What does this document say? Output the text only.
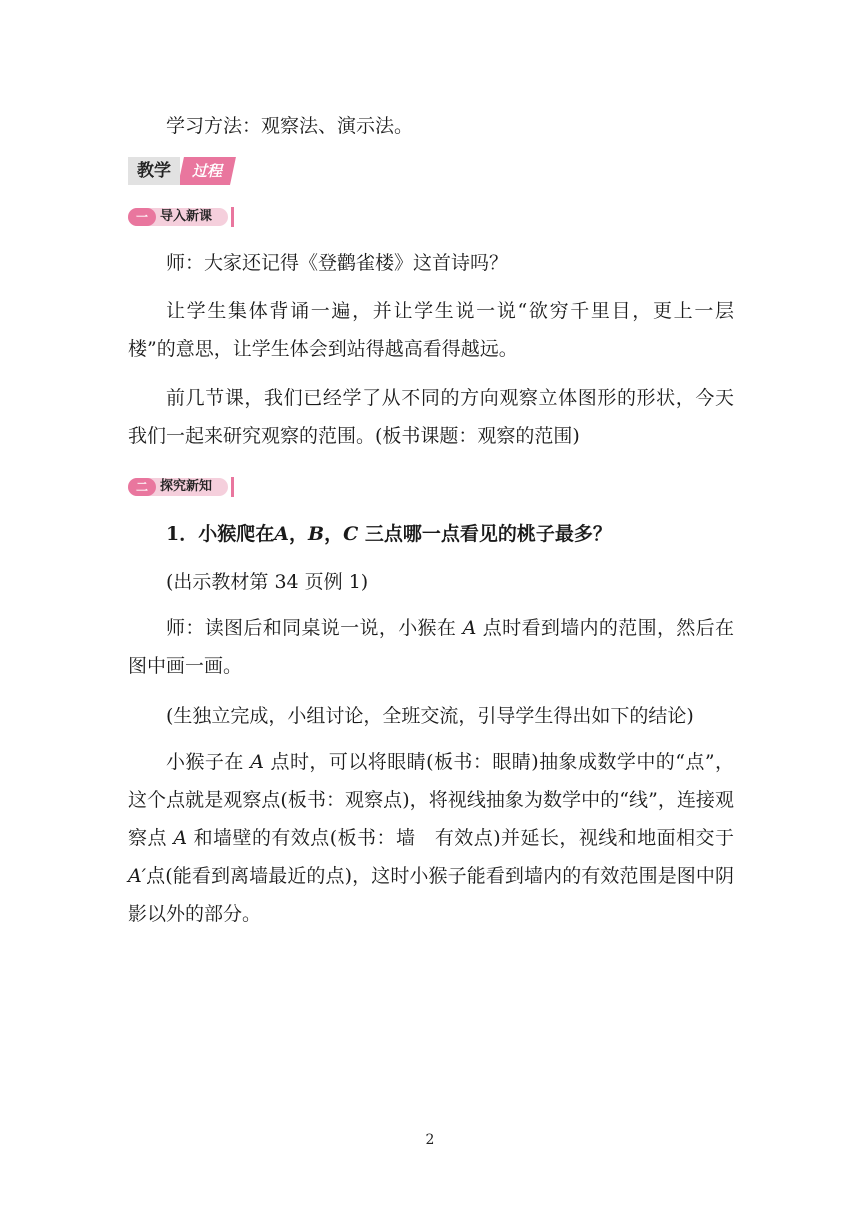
学习方法：观察法、演示法。

过程
教学
一 导入新课

师：大家还记得《登鹳雀楼》这首诗吗？

让学生集体背诵一遍，并让学生说一说“欲穷千里目，更上一层楼”的意思，让学生体会到站得越高看得越远。

前几节课，我们已经学了从不同的方向观察立体图形的形状，今天我们一起来研究观察的范围。(板书课题：观察的范围)

二 探究新知

1．小猴爬在A，B，C 三点哪一点看见的桃子最多？

(出示教材第 34 页例 1)

师：读图后和同桌说一说，小猴在 A 点时看到墙内的范围，然后在图中画一画。

(生独立完成，小组讨论，全班交流，引导学生得出如下的结论)

小猴子在 A 点时，可以将眼睛(板书：眼睛)抽象成数学中的“点”，这个点就是观察点(板书：观察点)，将视线抽象为数学中的“线”，连接观察点 A 和墙壁的有效点(板书：墙　有效点)并延长，视线和地面相交于 A′点(能看到离墙最近的点)，这时小猴子能看到墙内的有效范围是图中阴影以外的部分。

2
